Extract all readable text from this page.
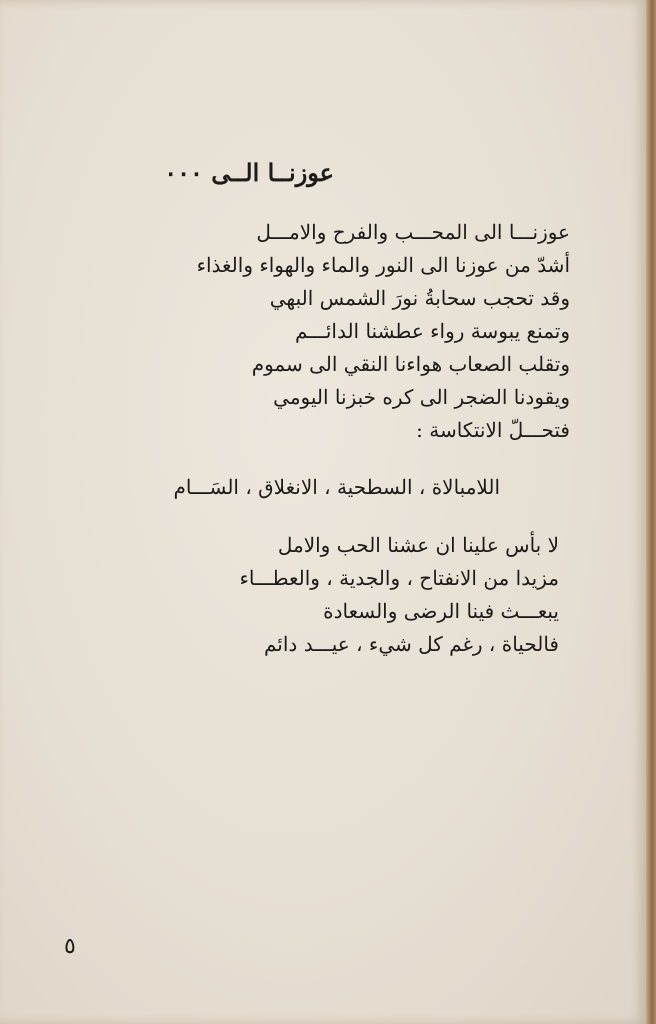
عوزنــا الــى ٠٠٠
عوزنـــا الى المحـــب والفرح والامـــل
أشدّ من عوزنا الى النور والماء والهواء والغذاء
وقد تحجب سحابةُ نورَ الشمس البهي
وتمنع يبوسة رواء عطشنا الدائـــم
وتقلب الصعاب هواءنا النقي الى سموم
ويقودنا الضجر الى كره خبزنا اليومي
فتحـــلّ الانتكاسة :
اللامبالاة ، السطحية ، الانغلاق ، السَـــام
لا بأس علينا ان عشنا الحب والامل
مزيدا من الانفتاح ، والجدية ، والعطـــاء
يبعـــث فينا الرضى والسعادة
فالحياة ، رغم كل شيء ، عيـــد دائم
٥
